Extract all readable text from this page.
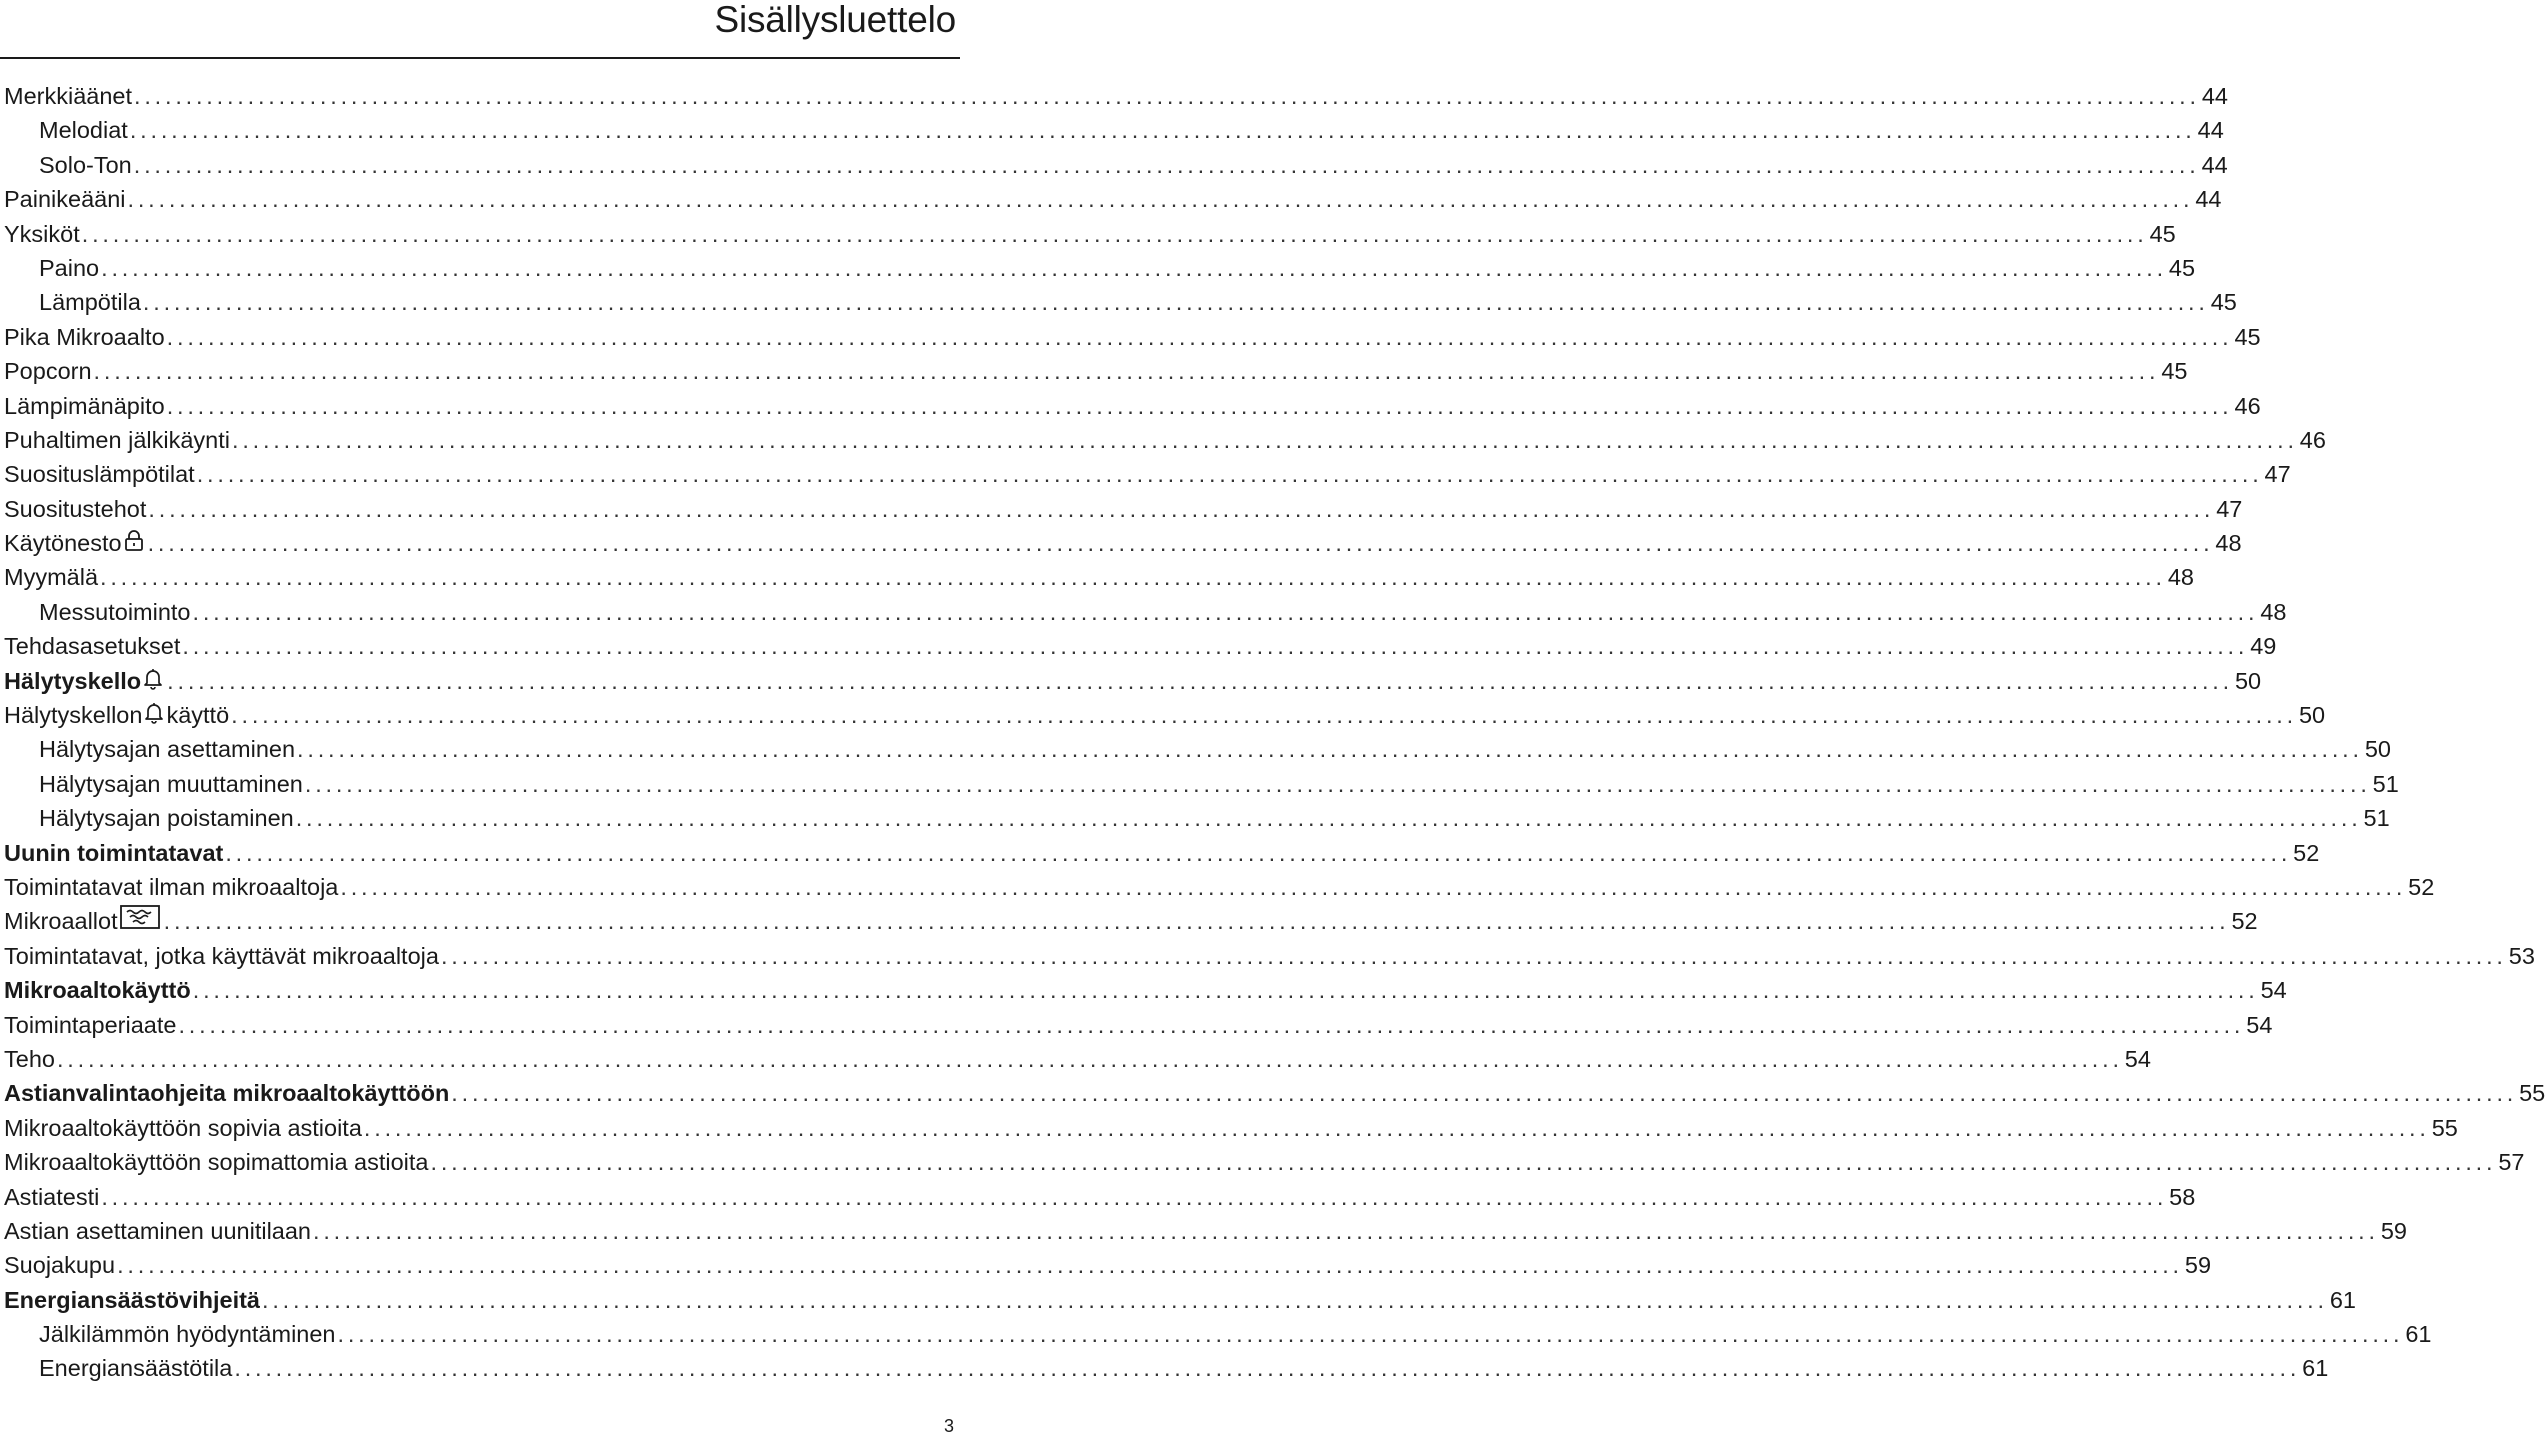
Sisällysluettelo
Merkkiäänet ........................................................................................................................................................................................................ 44
Melodiat ........................................................................................................................................................................................................ 44
Solo-Ton ........................................................................................................................................................................................................ 44
Painikeääni ........................................................................................................................................................................................................ 44
Yksiköt ........................................................................................................................................................................................................ 45
Paino ........................................................................................................................................................................................................ 45
Lämpötila ........................................................................................................................................................................................................ 45
Pika Mikroaalto ........................................................................................................................................................................................................ 45
Popcorn ........................................................................................................................................................................................................ 45
Lämpimänäpito ........................................................................................................................................................................................................ 46
Puhaltimen jälkikäynti ........................................................................................................................................................................................................ 46
Suosituslämpötilat ........................................................................................................................................................................................................ 47
Suositustehot ........................................................................................................................................................................................................ 47
Käytönesto ........................................................................................................................................................................................................ 48
Myymälä ........................................................................................................................................................................................................ 48
Messutoiminto ........................................................................................................................................................................................................ 48
Tehdasasetukset ........................................................................................................................................................................................................ 49
Hälytyskello ........................................................................................................................................................................................................ 50
Hälytyskellon käyttö ........................................................................................................................................................................................................ 50
Hälytysajan asettaminen ........................................................................................................................................................................................................ 50
Hälytysajan muuttaminen ........................................................................................................................................................................................................ 51
Hälytysajan poistaminen ........................................................................................................................................................................................................ 51
Uunin toimintatavat ........................................................................................................................................................................................................ 52
Toimintatavat ilman mikroaaltoja ........................................................................................................................................................................................................ 52
Mikroaallot ........................................................................................................................................................................................................ 52
Toimintatavat, jotka käyttävät mikroaaltoja ........................................................................................................................................................................................................ 53
Mikroaaltokäyttö ........................................................................................................................................................................................................ 54
Toimintaperiaate ........................................................................................................................................................................................................ 54
Teho ........................................................................................................................................................................................................ 54
Astianvalintaohjeita mikroaaltokäyttöön ........................................................................................................................................................................................................ 55
Mikroaaltokäyttöön sopivia astioita ........................................................................................................................................................................................................ 55
Mikroaaltokäyttöön sopimattomia astioita ........................................................................................................................................................................................................ 57
Astiatesti ........................................................................................................................................................................................................ 58
Astian asettaminen uunitilaan ........................................................................................................................................................................................................ 59
Suojakupu ........................................................................................................................................................................................................ 59
Energiansäästövihjeitä ........................................................................................................................................................................................................ 61
Jälkilämmön hyödyntäminen ........................................................................................................................................................................................................ 61
Energiansäästötila ........................................................................................................................................................................................................ 61
3
